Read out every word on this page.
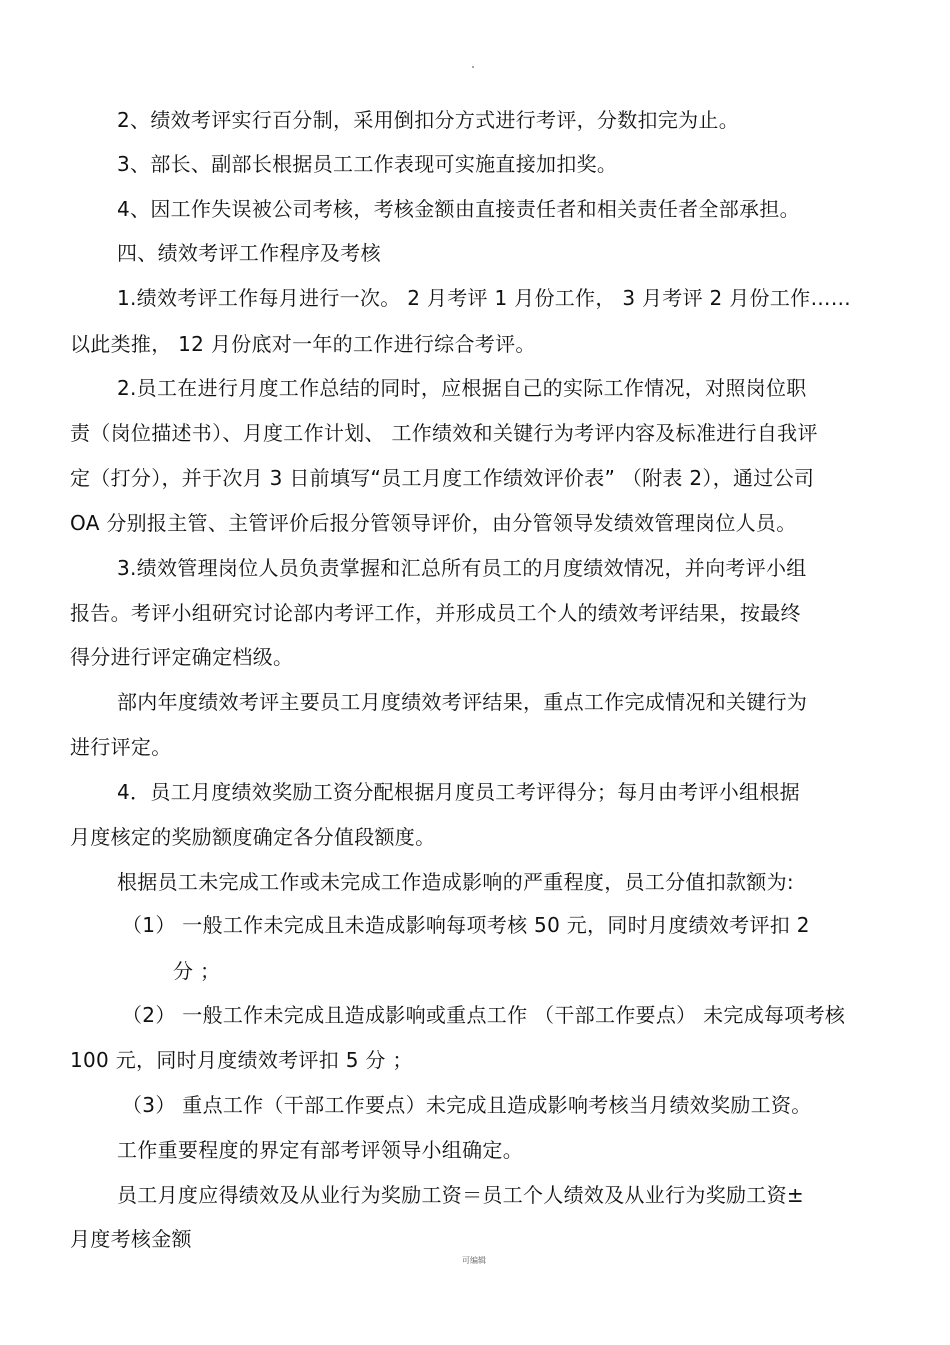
2、绩效考评实行百分制，采用倒扣分方式进行考评，分数扣完为止。
3、部长、副部长根据员工工作表现可实施直接加扣奖。
4、因工作失误被公司考核，考核金额由直接责任者和相关责任者全部承担。
四、绩效考评工作程序及考核
1.绩效考评工作每月进行一次。 2 月考评 1 月份工作， 3 月考评 2 月份工作……
以此类推， 12 月份底对一年的工作进行综合考评。
2.员工在进行月度工作总结的同时，应根据自己的实际工作情况，对照岗位职
责（岗位描述书）、月度工作计划、 工作绩效和关键行为考评内容及标准进行自我评
定（打分），并于次月 3 日前填写“员工月度工作绩效评价表” （附表 2），通过公司
OA 分别报主管、主管评价后报分管领导评价，由分管领导发绩效管理岗位人员。
3.绩效管理岗位人员负责掌握和汇总所有员工的月度绩效情况，并向考评小组
报告。考评小组研究讨论部内考评工作，并形成员工个人的绩效考评结果，按最终
得分进行评定确定档级。
部内年度绩效考评主要员工月度绩效考评结果，重点工作完成情况和关键行为
进行评定。
4．员工月度绩效奖励工资分配根据月度员工考评得分；每月由考评小组根据
月度核定的奖励额度确定各分值段额度。
根据员工未完成工作或未完成工作造成影响的严重程度，员工分值扣款额为:
（1） 一般工作未完成且未造成影响每项考核 50 元，同时月度绩效考评扣 2
分 ；
（2） 一般工作未完成且造成影响或重点工作 （干部工作要点） 未完成每项考核
100 元，同时月度绩效考评扣 5 分 ；
（3） 重点工作（干部工作要点）未完成且造成影响考核当月绩效奖励工资。
工作重要程度的界定有部考评领导小组确定。
员工月度应得绩效及从业行为奖励工资＝员工个人绩效及从业行为奖励工资±
月度考核金额
可编辑
